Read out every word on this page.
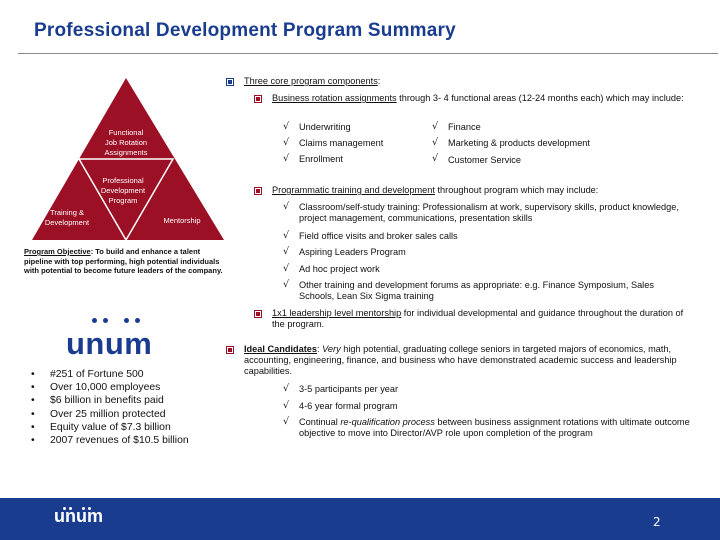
Professional Development Program Summary
Functional
Job Rotation
Assignments
Professional
Development
Program
Training &
Development	Mentorship
Program Objective: To build and enhance a talent pipeline with top performing, high potential individuals with potential to become future leaders of the company.
unum
• #251 of Fortune 500
• Over 10,000 employees
• $6 billion in benefits paid
• Over 25 million protected
• Equity value of $7.3 billion
• 2007 revenues of $10.5 billion
Three core program components:
Business rotation assignments through 3- 4 functional areas (12-24 months each) which may include:
√ Underwriting
√ Claims management
√ Enrollment
√ Finance
√ Marketing & products development
√ Customer Service
Programmatic training and development throughout program which may include:
√ Classroom/self-study training: Professionalism at work, supervisory skills, product knowledge, project management, communications, presentation skills
√ Field office visits and broker sales calls
√ Aspiring Leaders Program
√ Ad hoc project work
√ Other training and development forums as appropriate: e.g. Finance Symposium, Sales Schools, Lean Six Sigma training
1x1 leadership level mentorship for individual developmental and guidance throughout the duration of the program.
Ideal Candidates: Very high potential, graduating college seniors in targeted majors of economics, math, accounting, engineering, finance, and business who have demonstrated academic success and leadership capabilities.
√ 3-5 participants per year
√ 4-6 year formal program
√ Continual re-qualification process between business assignment rotations with ultimate outcome objective to move into Director/AVP role upon completion of the program
unum	2
